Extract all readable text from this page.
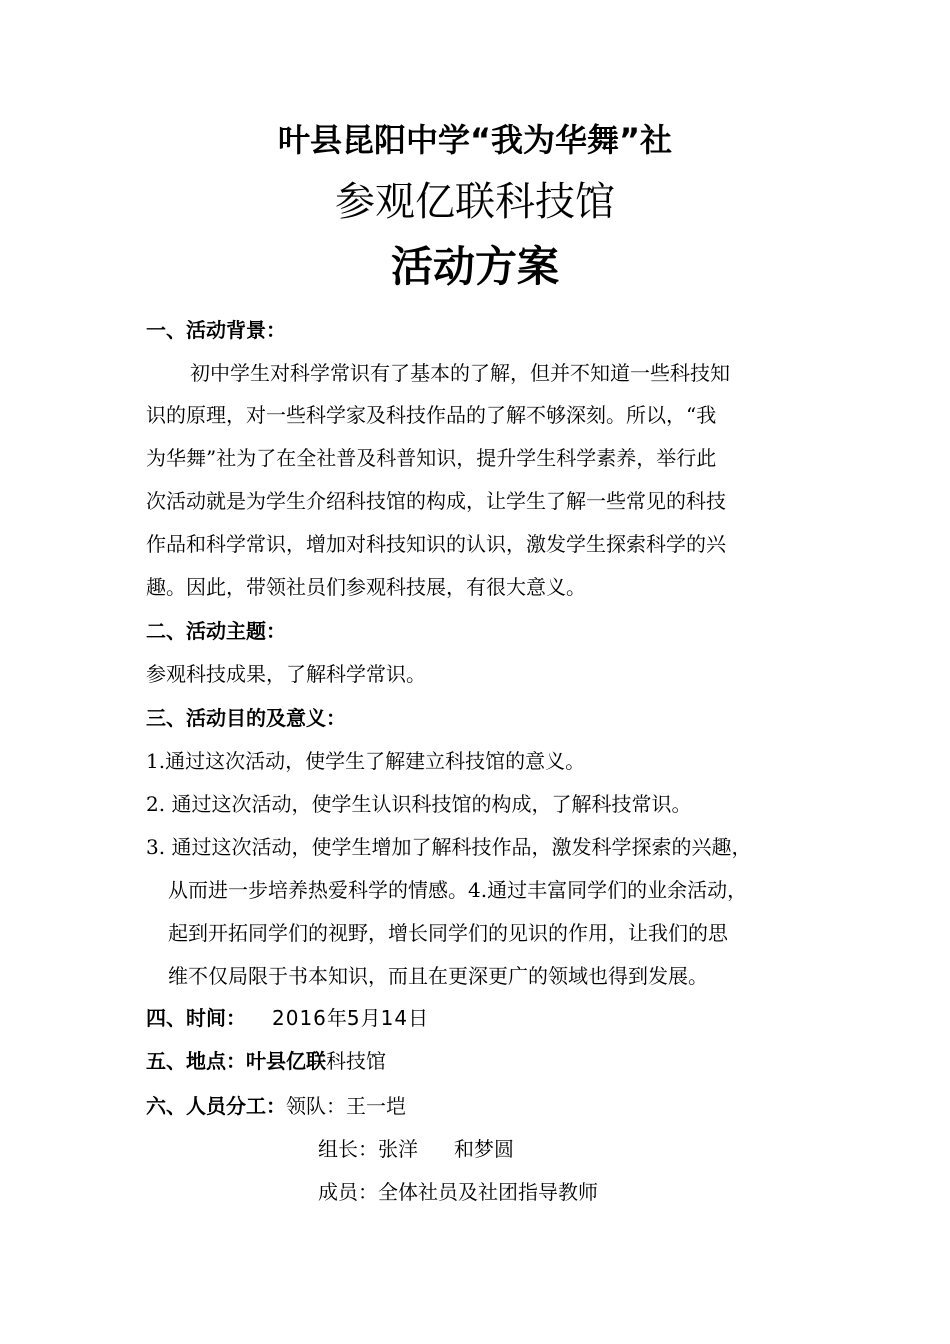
叶县昆阳中学“我为华舞”社
参观亿联科技馆
活动方案
一、活动背景：
初中学生对科学常识有了基本的了解，但并不知道一些科技知
识的原理，对一些科学家及科技作品的了解不够深刻。所以，“我
为华舞”社为了在全社普及科普知识，提升学生科学素养，举行此
次活动就是为学生介绍科技馆的构成，让学生了解一些常见的科技
作品和科学常识，增加对科技知识的认识，激发学生探索科学的兴
趣。因此，带领社员们参观科技展，有很大意义。
二、活动主题：
参观科技成果，了解科学常识。
三、活动目的及意义：
1.通过这次活动，使学生了解建立科技馆的意义。
2. 通过这次活动，使学生认识科技馆的构成，了解科技常识。
3. 通过这次活动，使学生增加了解科技作品，激发科学探索的兴趣，
从而进一步培养热爱科学的情感。4.通过丰富同学们的业余活动，
起到开拓同学们的视野，增长同学们的见识的作用，让我们的思
维不仅局限于书本知识，而且在更深更广的领域也得到发展。
四、时间： 2016年5月14日
五、地点：叶县亿联科技馆
六、人员分工：领队：王一垲
组长：张洋 和梦圆
成员：全体社员及社团指导教师
